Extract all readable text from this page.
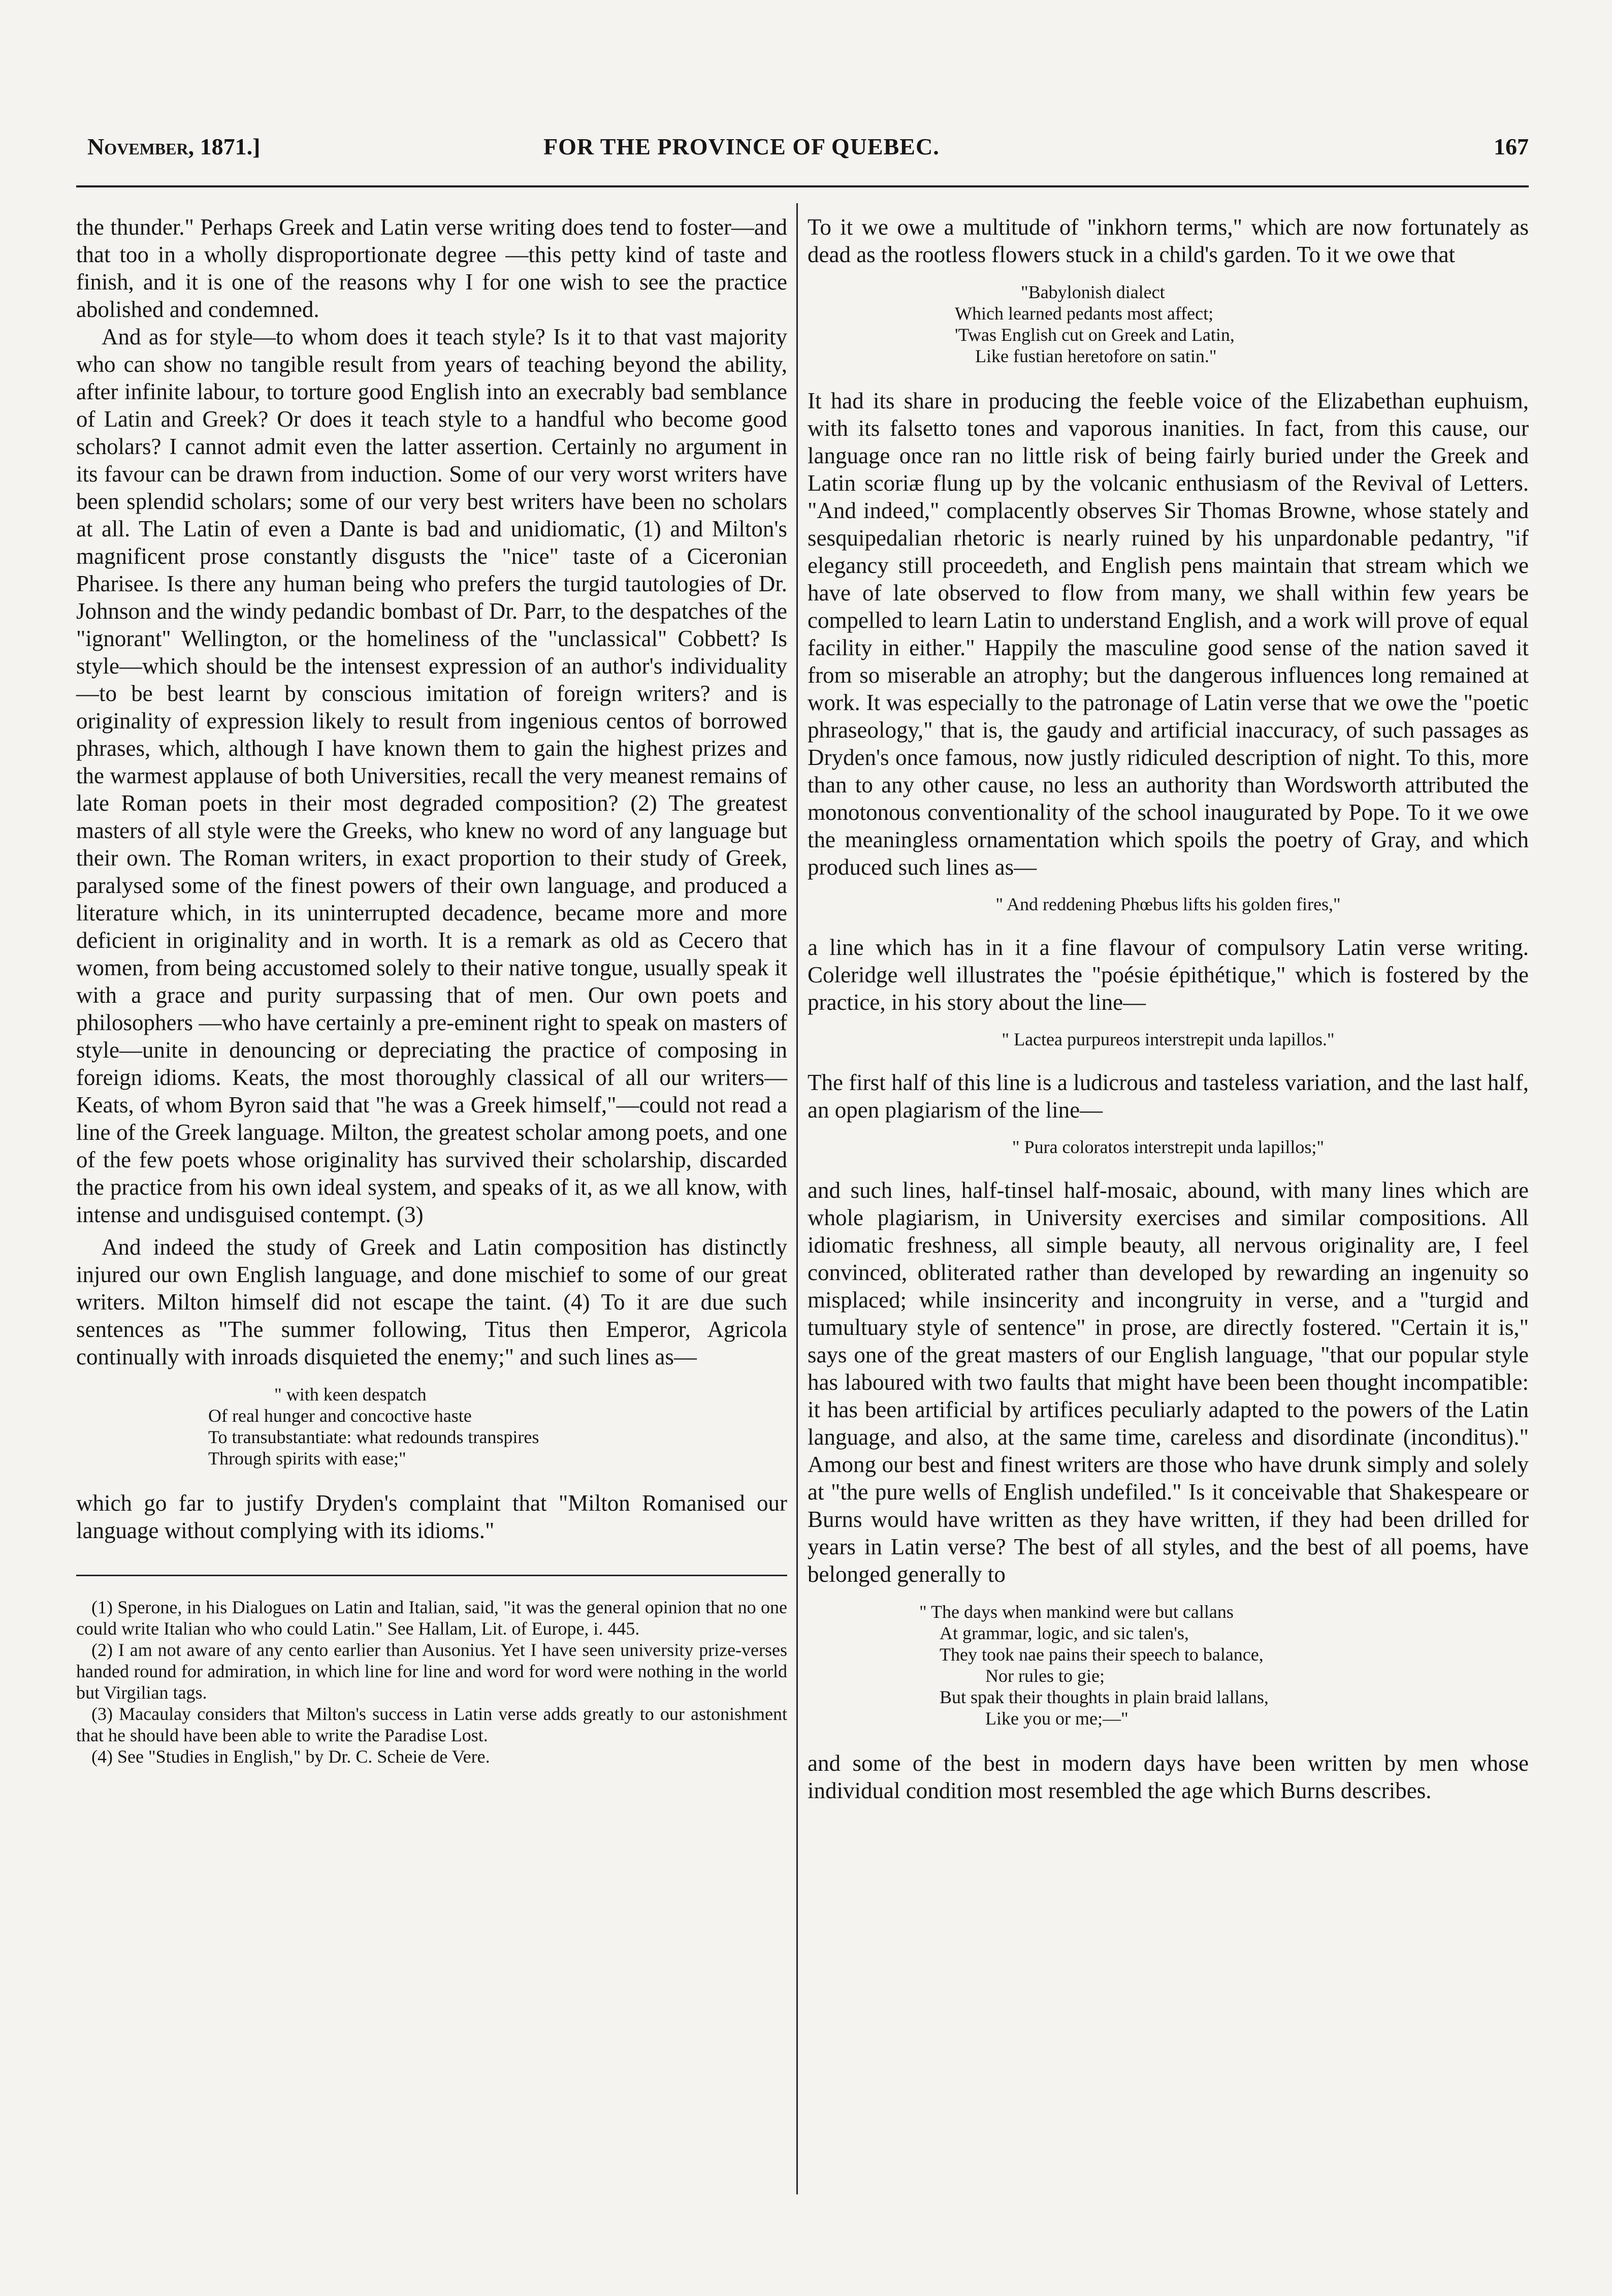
November, 1871.]	FOR THE PROVINCE OF QUEBEC.	167

the thunder." Perhaps Greek and Latin verse writing does tend to foster—and that too in a wholly disproportionate degree —this petty kind of taste and finish, and it is one of the reasons why I for one wish to see the practice abolished and condemned.

And as for style—to whom does it teach style? Is it to that vast majority who can show no tangible result from years of teaching beyond the ability, after infinite labour, to torture good English into an execrably bad semblance of Latin and Greek? Or does it teach style to a handful who become good scholars? I cannot admit even the latter assertion. Certainly no argument in its favour can be drawn from induction. Some of our very worst writers have been splendid scholars; some of our very best writers have been no scholars at all. The Latin of even a Dante is bad and unidiomatic, (1) and Milton's magnificent prose constantly disgusts the "nice" taste of a Ciceronian Pharisee. Is there any human being who prefers the turgid tautologies of Dr. Johnson and the windy pedandic bombast of Dr. Parr, to the despatches of the "ignorant" Wellington, or the homeliness of the "unclassical" Cobbett? Is style—which should be the intensest expression of an author's individuality—to be best learnt by conscious imitation of foreign writers? and is originality of expression likely to result from ingenious centos of borrowed phrases, which, although I have known them to gain the highest prizes and the warmest applause of both Universities, recall the very meanest remains of late Roman poets in their most degraded composition? (2) The greatest masters of all style were the Greeks, who knew no word of any language but their own. The Roman writers, in exact proportion to their study of Greek, paralysed some of the finest powers of their own language, and produced a literature which, in its uninterrupted decadence, became more and more deficient in originality and in worth. It is a remark as old as Cecero that women, from being accustomed solely to their native tongue, usually speak it with a grace and purity surpassing that of men. Our own poets and philosophers —who have certainly a pre-eminent right to speak on masters of style—unite in denouncing or depreciating the practice of composing in foreign idioms. Keats, the most thoroughly classical of all our writers—Keats, of whom Byron said that "he was a Greek himself,"—could not read a line of the Greek language. Milton, the greatest scholar among poets, and one of the few poets whose originality has survived their scholarship, discarded the practice from his own ideal system, and speaks of it, as we all know, with intense and undisguised contempt. (3)

And indeed the study of Greek and Latin composition has distinctly injured our own English language, and done mischief to some of our great writers. Milton himself did not escape the taint. (4) To it are due such sentences as "The summer following, Titus then Emperor, Agricola continually with inroads disquieted the enemy;" and such lines as—

" with keen despatch
Of real hunger and concoctive haste
To transubstantiate: what redounds transpires
Through spirits with ease;"

which go far to justify Dryden's complaint that "Milton Romanised our language without complying with its idioms."

(1) Sperone, in his Dialogues on Latin and Italian, said, "it was the general opinion that no one could write Italian who who could Latin." See Hallam, Lit. of Europe, i. 445.

(2) I am not aware of any cento earlier than Ausonius. Yet I have seen university prize-verses handed round for admiration, in which line for line and word for word were nothing in the world but Virgilian tags.

(3) Macaulay considers that Milton's success in Latin verse adds greatly to our astonishment that he should have been able to write the Paradise Lost.

(4) See "Studies in English," by Dr. C. Scheie de Vere.

To it we owe a multitude of "inkhorn terms," which are now fortunately as dead as the rootless flowers stuck in a child's garden. To it we owe that

"Babylonish dialect
Which learned pedants most affect;
'Twas English cut on Greek and Latin,
Like fustian heretofore on satin."

It had its share in producing the feeble voice of the Elizabethan euphuism, with its falsetto tones and vaporous inanities. In fact, from this cause, our language once ran no little risk of being fairly buried under the Greek and Latin scoriæ flung up by the volcanic enthusiasm of the Revival of Letters. "And indeed," complacently observes Sir Thomas Browne, whose stately and sesquipedalian rhetoric is nearly ruined by his unpardonable pedantry, "if elegancy still proceedeth, and English pens maintain that stream which we have of late observed to flow from many, we shall within few years be compelled to learn Latin to understand English, and a work will prove of equal facility in either." Happily the masculine good sense of the nation saved it from so miserable an atrophy; but the dangerous influences long remained at work. It was especially to the patronage of Latin verse that we owe the "poetic phraseology," that is, the gaudy and artificial inaccuracy, of such passages as Dryden's once famous, now justly ridiculed description of night. To this, more than to any other cause, no less an authority than Wordsworth attributed the monotonous conventionality of the school inaugurated by Pope. To it we owe the meaningless ornamentation which spoils the poetry of Gray, and which produced such lines as—

" And reddening Phœbus lifts his golden fires,"

a line which has in it a fine flavour of compulsory Latin verse writing. Coleridge well illustrates the "poésie épithétique," which is fostered by the practice, in his story about the line—

" Lactea purpureos interstrepit unda lapillos."

The first half of this line is a ludicrous and tasteless variation, and the last half, an open plagiarism of the line—

" Pura coloratos interstrepit unda lapillos;"

and such lines, half-tinsel half-mosaic, abound, with many lines which are whole plagiarism, in University exercises and similar compositions. All idiomatic freshness, all simple beauty, all nervous originality are, I feel convinced, obliterated rather than developed by rewarding an ingenuity so misplaced; while insincerity and incongruity in verse, and a "turgid and tumultuary style of sentence" in prose, are directly fostered. "Certain it is," says one of the great masters of our English language, "that our popular style has laboured with two faults that might have been been thought incompatible: it has been artificial by artifices peculiarly adapted to the powers of the Latin language, and also, at the same time, careless and disordinate (inconditus)." Among our best and finest writers are those who have drunk simply and solely at "the pure wells of English undefiled." Is it conceivable that Shakespeare or Burns would have written as they have written, if they had been drilled for years in Latin verse? The best of all styles, and the best of all poems, have belonged generally to

" The days when mankind were but callans
At grammar, logic, and sic talen's,
They took nae pains their speech to balance,
Nor rules to gie;
But spak their thoughts in plain braid lallans,
Like you or me;—"

and some of the best in modern days have been written by men whose individual condition most resembled the age which Burns describes.
